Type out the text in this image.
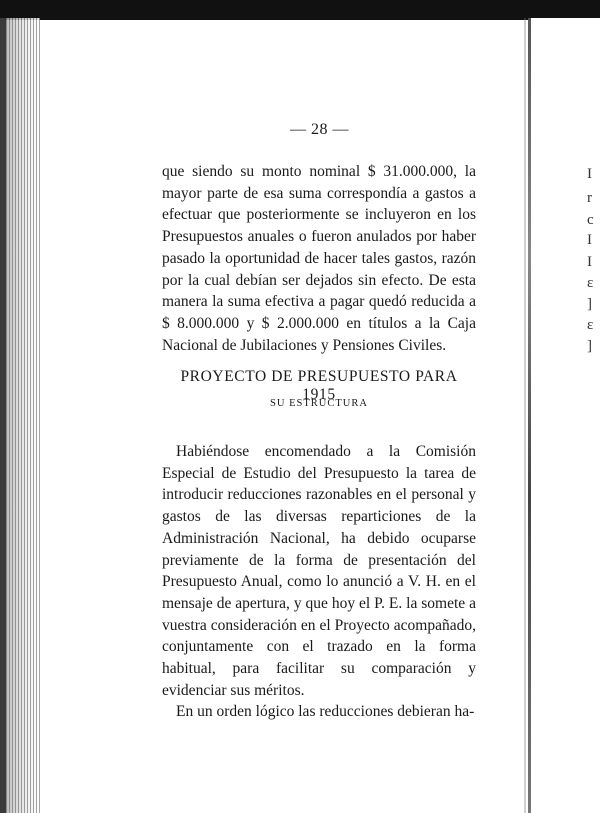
I
r
c
I
I
ε
]
ε
]
— 28 —

que siendo su monto nominal $ 31.000.000, la mayor parte de esa suma correspondía a gastos a efectuar que posteriormente se incluyeron en los Presupuestos anuales o fueron anulados por haber pasado la oportunidad de hacer tales gastos, razón por la cual debían ser dejados sin efecto. De esta manera la suma efectiva a pagar quedó reducida a $ 8.000.000 y $ 2.000.000 en títulos a la Caja Nacional de Jubilaciones y Pensiones Civiles.

PROYECTO DE PRESUPUESTO PARA 1915
SU ESTRUCTURA

Habiéndose encomendado a la Comisión Especial de Estudio del Presupuesto la tarea de introducir reducciones razonables en el personal y gastos de las diversas reparticiones de la Administración Nacional, ha debido ocuparse previamente de la forma de presentación del Presupuesto Anual, como lo anunció a V. H. en el mensaje de apertura, y que hoy el P. E. la somete a vuestra consideración en el Proyecto acompañado, conjuntamente con el trazado en la forma habitual, para facilitar su comparación y evidenciar sus méritos.

En un orden lógico las reducciones debieran ha-
